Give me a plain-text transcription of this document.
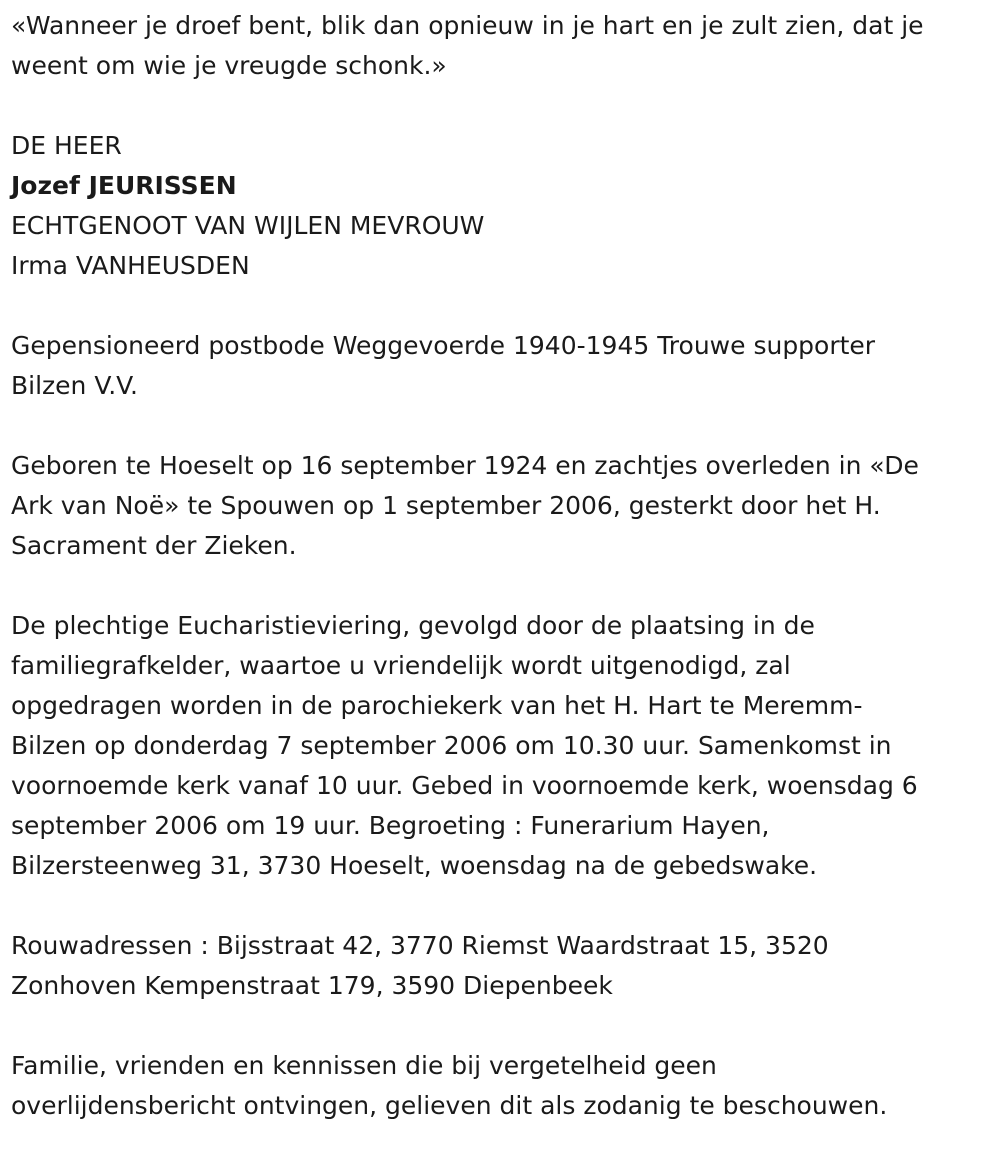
«Wanneer je droef bent, blik dan opnieuw in je hart en je zult zien, dat je
weent om wie je vreugde schonk.»
DE HEER
Jozef JEURISSEN
ECHTGENOOT VAN WIJLEN MEVROUW
Irma VANHEUSDEN
Gepensioneerd postbode Weggevoerde 1940-1945 Trouwe supporter
Bilzen V.V.
Geboren te Hoeselt op 16 september 1924 en zachtjes overleden in «De
Ark van Noë» te Spouwen op 1 september 2006, gesterkt door het H.
Sacrament der Zieken.
De plechtige Eucharistieviering, gevolgd door de plaatsing in de
familiegrafkelder, waartoe u vriendelijk wordt uitgenodigd, zal
opgedragen worden in de parochiekerk van het H. Hart te Meremm-
Bilzen op donderdag 7 september 2006 om 10.30 uur. Samenkomst in
voornoemde kerk vanaf 10 uur. Gebed in voornoemde kerk, woensdag 6
september 2006 om 19 uur. Begroeting : Funerarium Hayen,
Bilzersteenweg 31, 3730 Hoeselt, woensdag na de gebedswake.
Rouwadressen : Bijsstraat 42, 3770 Riemst Waardstraat 15, 3520
Zonhoven Kempenstraat 179, 3590 Diepenbeek
Familie, vrienden en kennissen die bij vergetelheid geen
overlijdensbericht ontvingen, gelieven dit als zodanig te beschouwen.
